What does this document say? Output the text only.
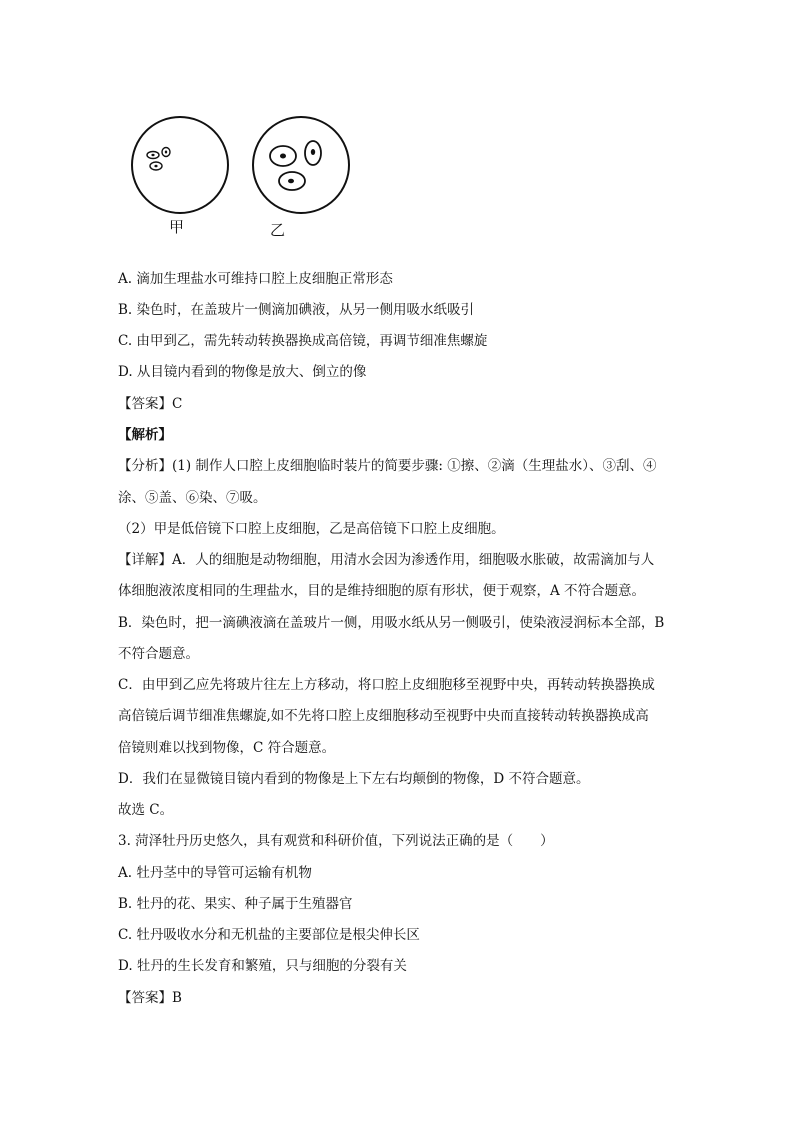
甲	乙
A. 滴加生理盐水可维持口腔上皮细胞正常形态
B. 染色时，在盖玻片一侧滴加碘液，从另一侧用吸水纸吸引
C. 由甲到乙，需先转动转换器换成高倍镜，再调节细准焦螺旋
D. 从目镜内看到的物像是放大、倒立的像
【答案】C
【解析】
【分析】(1) 制作人口腔上皮细胞临时装片的简要步骤: ①擦、②滴（生理盐水）、③刮、④
涂、⑤盖、⑥染、⑦吸。
（2）甲是低倍镜下口腔上皮细胞，乙是高倍镜下口腔上皮细胞。
【详解】A．人的细胞是动物细胞，用清水会因为渗透作用，细胞吸水胀破，故需滴加与人
体细胞液浓度相同的生理盐水，目的是维持细胞的原有形状，便于观察，A 不符合题意。
B．染色时，把一滴碘液滴在盖玻片一侧，用吸水纸从另一侧吸引，使染液浸润标本全部，B
不符合题意。
C．由甲到乙应先将玻片往左上方移动，将口腔上皮细胞移至视野中央，再转动转换器换成
高倍镜后调节细准焦螺旋,如不先将口腔上皮细胞移动至视野中央而直接转动转换器换成高
倍镜则难以找到物像，C 符合题意。
D．我们在显微镜目镜内看到的物像是上下左右均颠倒的物像，D 不符合题意。
故选 C。
3. 菏泽牡丹历史悠久，具有观赏和科研价值，下列说法正确的是（　　）
A. 牡丹茎中的导管可运输有机物
B. 牡丹的花、果实、种子属于生殖器官
C. 牡丹吸收水分和无机盐的主要部位是根尖伸长区
D. 牡丹的生长发育和繁殖，只与细胞的分裂有关
【答案】B
